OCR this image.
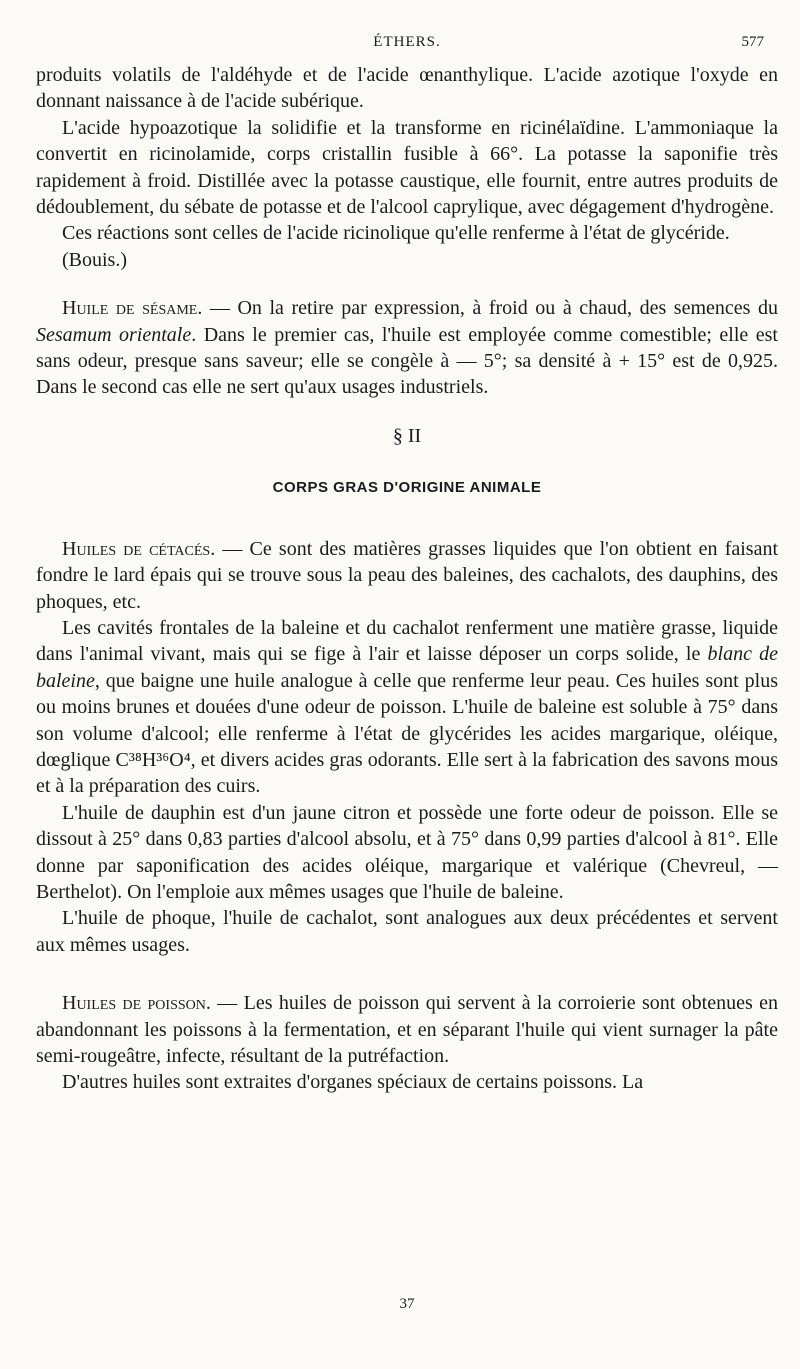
ÉTHERS.	577

produits volatils de l'aldéhyde et de l'acide œnanthylique. L'acide azotique l'oxyde en donnant naissance à de l'acide subérique.

L'acide hypoazotique la solidifie et la transforme en ricinélaïdine. L'ammoniaque la convertit en ricinolamide, corps cristallin fusible à 66°. La potasse la saponifie très rapidement à froid. Distillée avec la potasse caustique, elle fournit, entre autres produits de dédoublement, du sébate de potasse et de l'alcool caprylique, avec dégagement d'hydrogène.

Ces réactions sont celles de l'acide ricinolique qu'elle renferme à l'état de glycéride.

(Bouis.)

Huile de sésame. — On la retire par expression, à froid ou à chaud, des semences du Sesamum orientale. Dans le premier cas, l'huile est employée comme comestible; elle est sans odeur, presque sans saveur; elle se congèle à — 5°; sa densité à + 15° est de 0,925. Dans le second cas elle ne sert qu'aux usages industriels.

§ II
CORPS GRAS D'ORIGINE ANIMALE

Huiles de cétacés. — Ce sont des matières grasses liquides que l'on obtient en faisant fondre le lard épais qui se trouve sous la peau des baleines, des cachalots, des dauphins, des phoques, etc.

Les cavités frontales de la baleine et du cachalot renferment une matière grasse, liquide dans l'animal vivant, mais qui se fige à l'air et laisse déposer un corps solide, le blanc de baleine, que baigne une huile analogue à celle que renferme leur peau. Ces huiles sont plus ou moins brunes et douées d'une odeur de poisson. L'huile de baleine est soluble à 75° dans son volume d'alcool; elle renferme à l'état de glycérides les acides margarique, oléique, dœglique C³⁸H³⁶O⁴, et divers acides gras odorants. Elle sert à la fabrication des savons mous et à la préparation des cuirs.

L'huile de dauphin est d'un jaune citron et possède une forte odeur de poisson. Elle se dissout à 25° dans 0,83 parties d'alcool absolu, et à 75° dans 0,99 parties d'alcool à 81°. Elle donne par saponification des acides oléique, margarique et valérique (Chevreul, — Berthelot). On l'emploie aux mêmes usages que l'huile de baleine.

L'huile de phoque, l'huile de cachalot, sont analogues aux deux précédentes et servent aux mêmes usages.

Huiles de poisson. — Les huiles de poisson qui servent à la corroierie sont obtenues en abandonnant les poissons à la fermentation, et en séparant l'huile qui vient surnager la pâte semi-rougeâtre, infecte, résultant de la putréfaction.

D'autres huiles sont extraites d'organes spéciaux de certains poissons. La

37
